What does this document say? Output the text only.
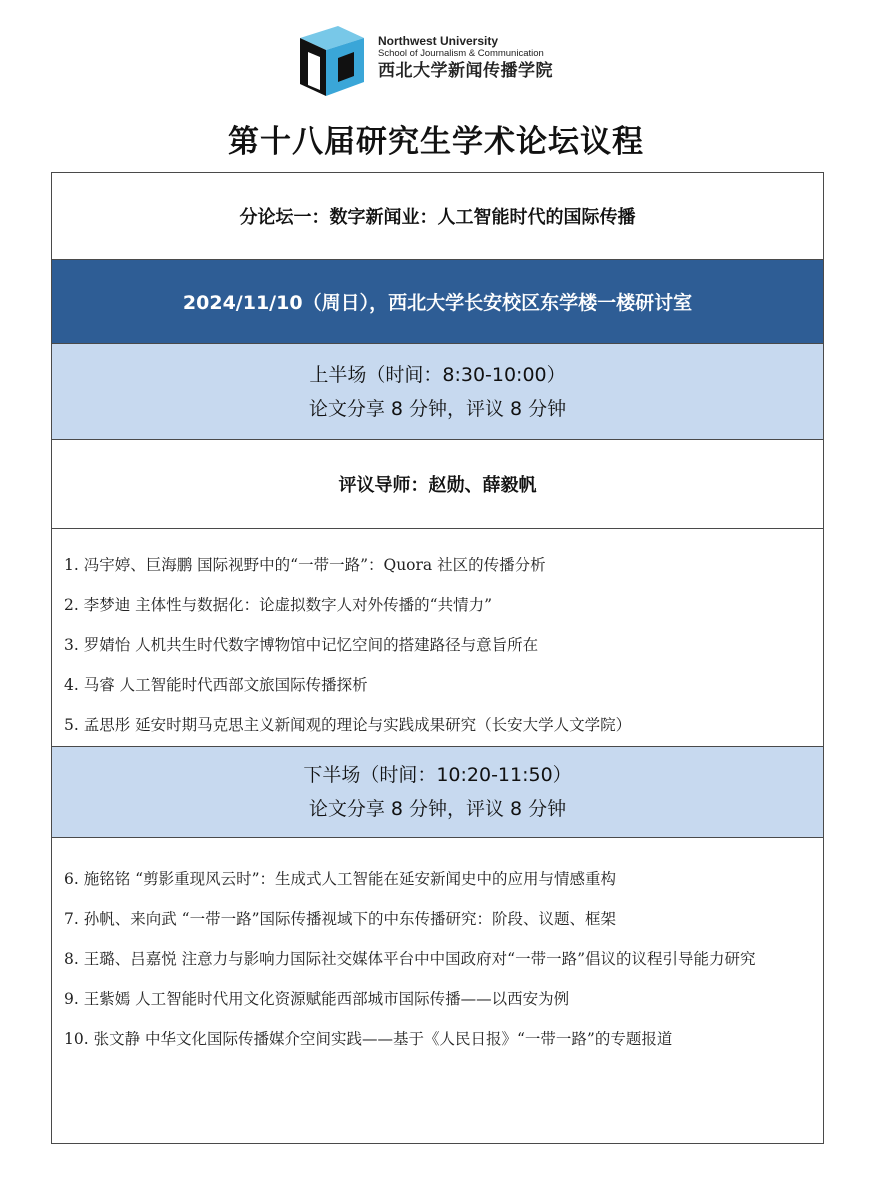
Northwest University
School of Journalism & Communication
西北大学新闻传播学院
第十八届研究生学术论坛议程
分论坛一：数字新闻业：人工智能时代的国际传播
2024/11/10（周日），西北大学长安校区东学楼一楼研讨室
上半场（时间：8:30-10:00）
论文分享 8 分钟，评议 8 分钟
评议导师：赵勋、薛毅帆
1. 冯宇婷、巨海鹏 国际视野中的“一带一路”：Quora 社区的传播分析
2. 李梦迪 主体性与数据化：论虚拟数字人对外传播的“共情力”
3. 罗婧怡 人机共生时代数字博物馆中记忆空间的搭建路径与意旨所在
4. 马睿 人工智能时代西部文旅国际传播探析
5. 孟思彤 延安时期马克思主义新闻观的理论与实践成果研究（长安大学人文学院）
下半场（时间：10:20-11:50）
论文分享 8 分钟，评议 8 分钟
6. 施铭铭 “剪影重现风云时”：生成式人工智能在延安新闻史中的应用与情感重构
7. 孙帆、来向武 “一带一路”国际传播视域下的中东传播研究：阶段、议题、框架
8. 王璐、吕嘉悦 注意力与影响力国际社交媒体平台中中国政府对“一带一路”倡议的议程引导能力研究
9. 王紫嫣 人工智能时代用文化资源赋能西部城市国际传播——以西安为例
10. 张文静 中华文化国际传播媒介空间实践——基于《人民日报》“一带一路”的专题报道
